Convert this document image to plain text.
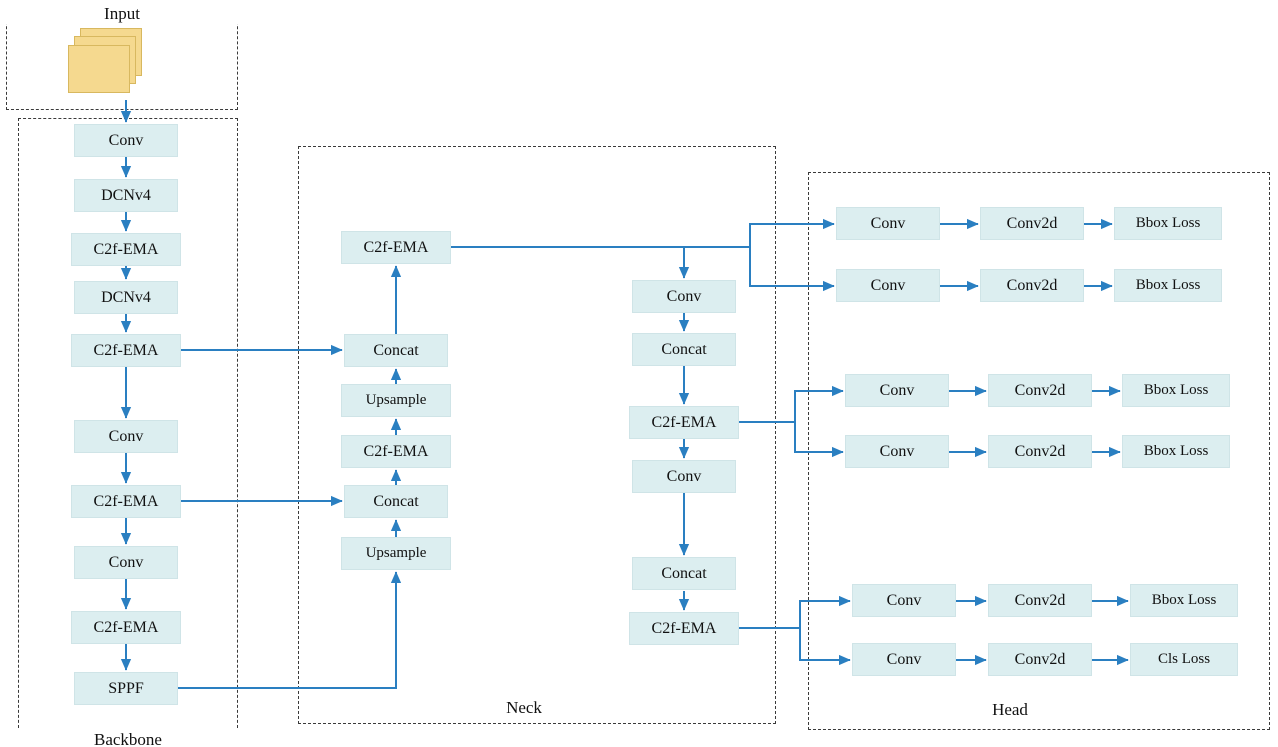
Input
Backbone
Neck	Head
Conv
DCNv4
C2f-EMA
DCNv4
C2f-EMA
Conv
C2f-EMA
Conv
C2f-EMA
SPPF
C2f-EMA
Concat
Upsample
C2f-EMA
Concat
Upsample
Conv
Concat
C2f-EMA
Conv
Concat
C2f-EMA
Conv	Conv2d	Bbox Loss
Conv	Conv2d	Bbox Loss
Conv	Conv2d	Bbox Loss
Conv	Conv2d	Bbox Loss
Conv	Conv2d	Bbox Loss
Conv	Conv2d	Cls Loss
